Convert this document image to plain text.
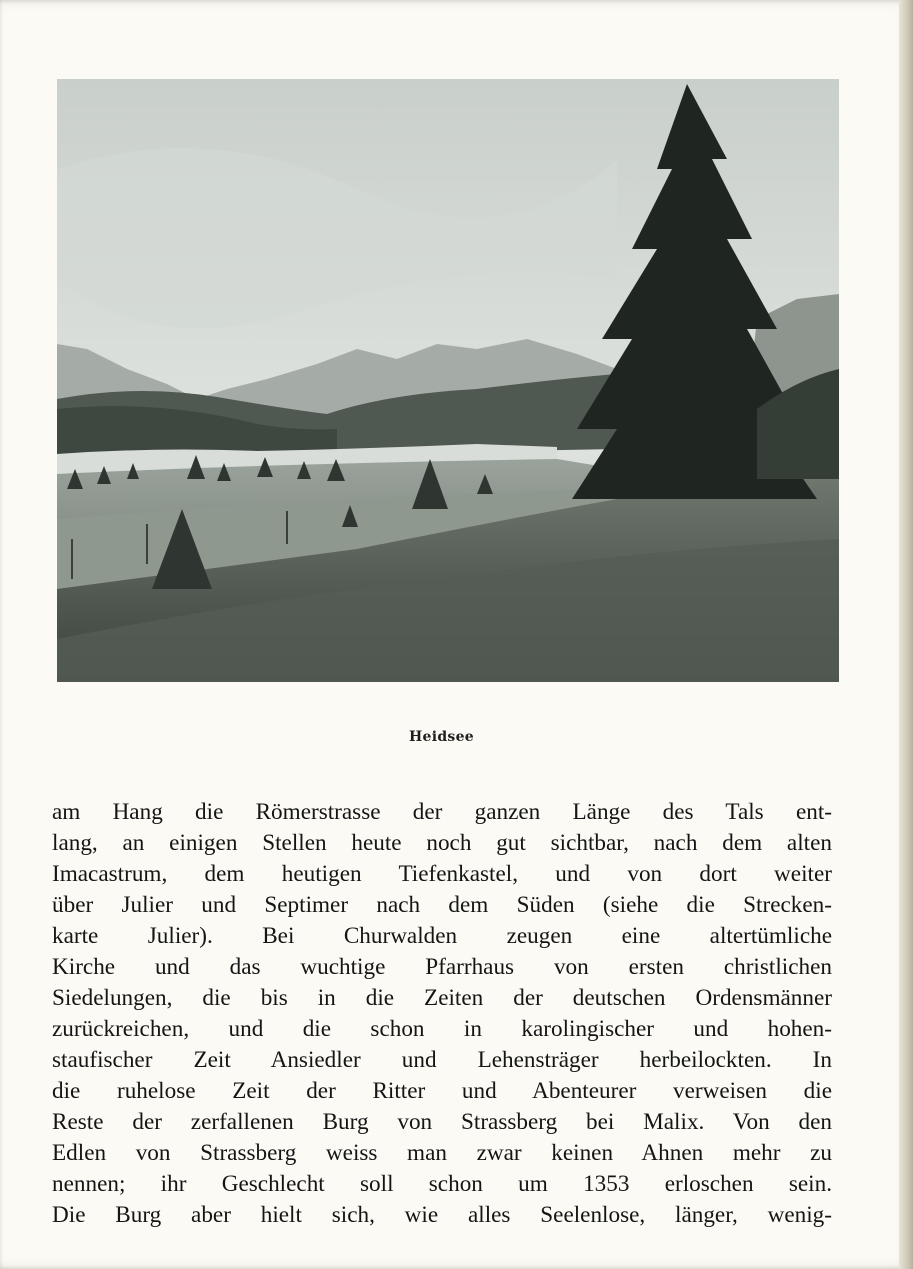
Heidsee
am Hang die Römerstrasse der ganzen Länge des Tals ent-
lang, an einigen Stellen heute noch gut sichtbar, nach dem alten
Imacastrum, dem heutigen Tiefenkastel, und von dort weiter
über Julier und Septimer nach dem Süden (siehe die Strecken-
karte Julier). Bei Churwalden zeugen eine altertümliche
Kirche und das wuchtige Pfarrhaus von ersten christlichen
Siedelungen, die bis in die Zeiten der deutschen Ordensmänner
zurückreichen, und die schon in karolingischer und hohen-
staufischer Zeit Ansiedler und Lehensträger herbeilockten. In
die ruhelose Zeit der Ritter und Abenteurer verweisen die
Reste der zerfallenen Burg von Strassberg bei Malix. Von den
Edlen von Strassberg weiss man zwar keinen Ahnen mehr zu
nennen; ihr Geschlecht soll schon um 1353 erloschen sein.
Die Burg aber hielt sich, wie alles Seelenlose, länger, wenig-
